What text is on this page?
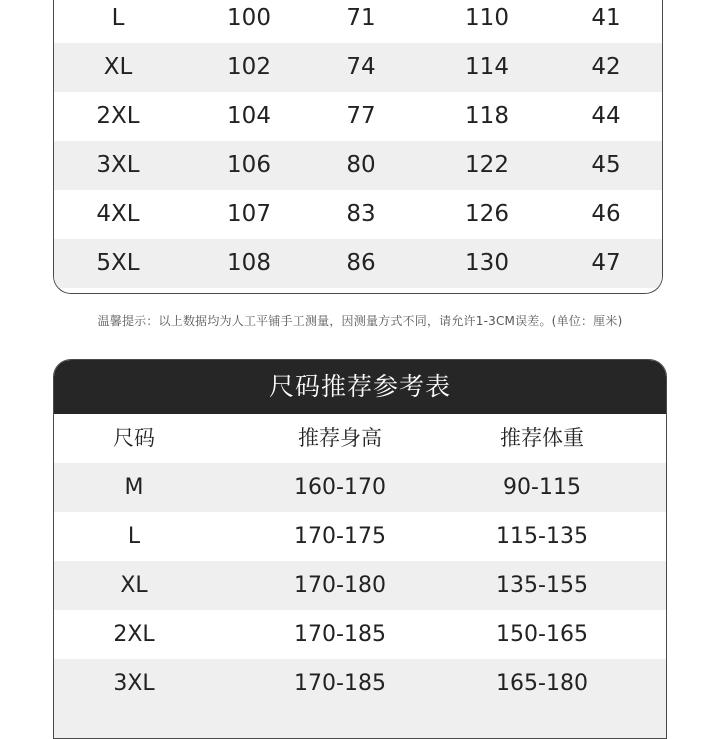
L	100	71	110	41
XL	102	74	114	42
2XL	104	77	118	44
3XL	106	80	122	45
4XL	107	83	126	46
5XL	108	86	130	47
温馨提示：以上数据均为人工平铺手工测量，因测量方式不同，请允许1-3CM误差。(单位：厘米)
尺码推荐参考表
尺码	推荐身高	推荐体重
M	160-170	90-115
L	170-175	115-135
XL	170-180	135-155
2XL	170-185	150-165
3XL	170-185	165-180
